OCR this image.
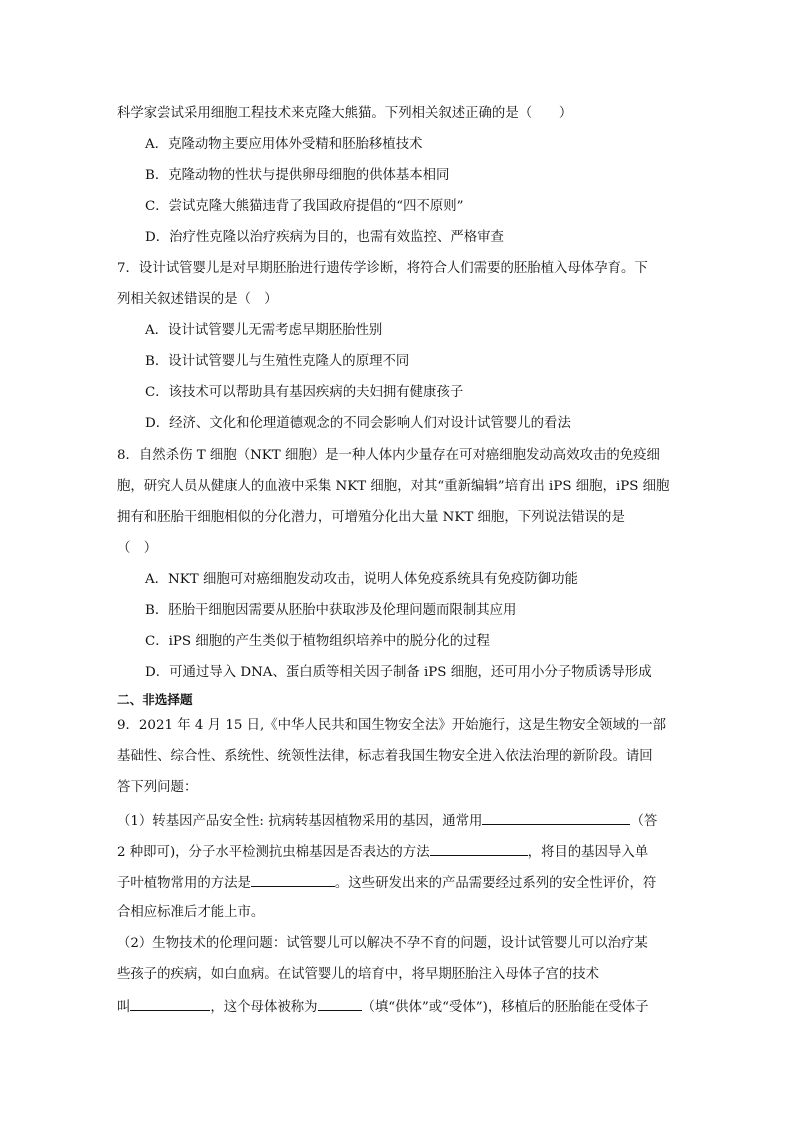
科学家尝试采用细胞工程技术来克隆大熊猫。下列相关叙述正确的是（　　）
A．克隆动物主要应用体外受精和胚胎移植技术
B．克隆动物的性状与提供卵母细胞的供体基本相同
C．尝试克隆大熊猫违背了我国政府提倡的“四不原则”
D．治疗性克隆以治疗疾病为目的，也需有效监控、严格审查
7．设计试管婴儿是对早期胚胎进行遗传学诊断，将符合人们需要的胚胎植入母体孕育。下
列相关叙述错误的是（　）
A．设计试管婴儿无需考虑早期胚胎性别
B．设计试管婴儿与生殖性克隆人的原理不同
C．该技术可以帮助具有基因疾病的夫妇拥有健康孩子
D．经济、文化和伦理道德观念的不同会影响人们对设计试管婴儿的看法
8．自然杀伤 T 细胞（NKT 细胞）是一种人体内少量存在可对癌细胞发动高效攻击的免疫细
胞，研究人员从健康人的血液中采集 NKT 细胞，对其“重新编辑”培育出 iPS 细胞，iPS 细胞
拥有和胚胎干细胞相似的分化潜力，可增殖分化出大量 NKT 细胞，下列说法错误的是
（　）
A．NKT 细胞可对癌细胞发动攻击，说明人体免疫系统具有免疫防御功能
B．胚胎干细胞因需要从胚胎中获取涉及伦理问题而限制其应用
C．iPS 细胞的产生类似于植物组织培养中的脱分化的过程
D．可通过导入 DNA、蛋白质等相关因子制备 iPS 细胞，还可用小分子物质诱导形成
二、非选择题
9．2021 年 4 月 15 日,《中华人民共和国生物安全法》开始施行，这是生物安全领域的一部
基础性、综合性、系统性、统领性法律，标志着我国生物安全进入依法治理的新阶段。请回
答下列问题：
（1）转基因产品安全性: 抗病转基因植物采用的基因，通常用	（答
2 种即可)，分子水平检测抗虫棉基因是否表达的方法	，将目的基因导入单
子叶植物常用的方法是	。这些研发出来的产品需要经过系列的安全性评价，符
合相应标准后才能上市。
（2）生物技术的伦理问题：试管婴儿可以解决不孕不育的问题，设计试管婴儿可以治疗某
些孩子的疾病，如白血病。在试管婴儿的培育中，将早期胚胎注入母体子宫的技术
叫	，这个母体被称为	（填“供体”或“受体”)，移植后的胚胎能在受体子
